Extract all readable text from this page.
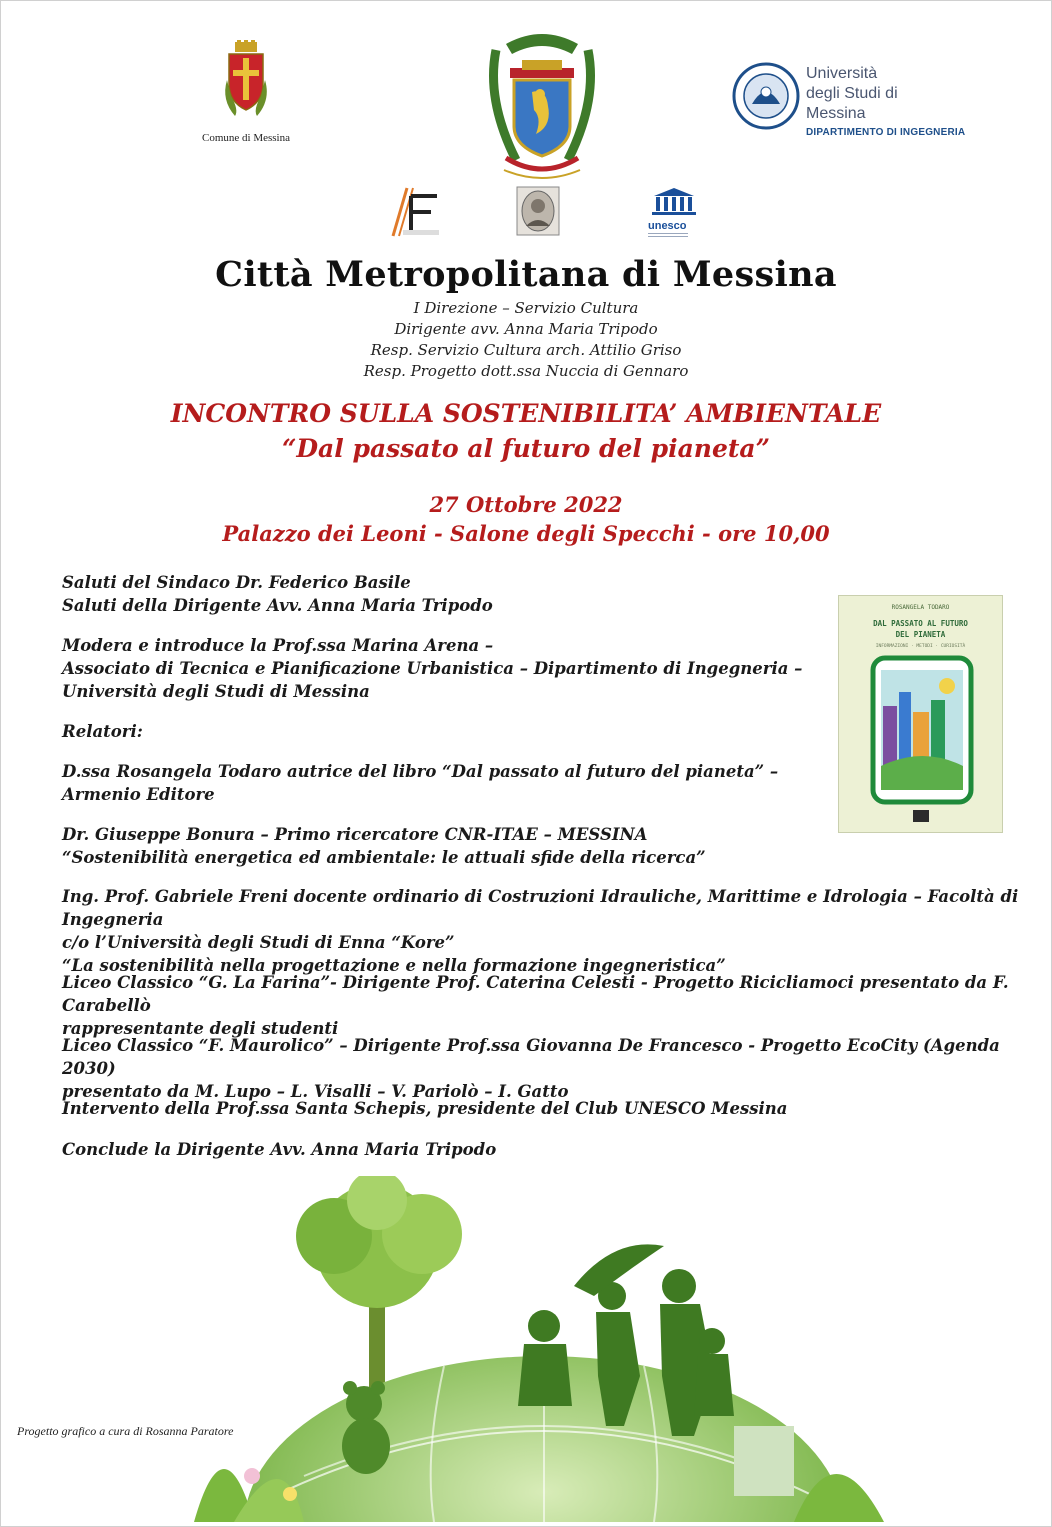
Comune di Messina
Università
degli Studi di
Messina
DIPARTIMENTO DI INGEGNERIA
unesco
Città Metropolitana di Messina
I Direzione – Servizio Cultura
Dirigente avv. Anna Maria Tripodo
Resp. Servizio Cultura arch. Attilio Griso
Resp. Progetto dott.ssa Nuccia di Gennaro
INCONTRO SULLA SOSTENIBILITA’ AMBIENTALE
“Dal passato al futuro del pianeta”
27 Ottobre 2022
Palazzo dei Leoni - Salone degli Specchi - ore 10,00

Saluti del Sindaco Dr. Federico Basile

Saluti della Dirigente Avv. Anna Maria Tripodo

Modera e introduce la Prof.ssa Marina Arena –

Associato di Tecnica e Pianificazione Urbanistica – Dipartimento di Ingegneria –

Università degli Studi di Messina

Relatori:

D.ssa Rosangela Todaro autrice del libro “Dal passato al futuro del pianeta” –

Armenio Editore

Dr. Giuseppe Bonura – Primo ricercatore CNR-ITAE – MESSINA

“Sostenibilità energetica ed ambientale: le attuali sfide della ricerca”

Ing. Prof. Gabriele Freni docente ordinario di Costruzioni Idrauliche, Marittime e Idrologia – Facoltà di Ingegneria

c/o l’Università degli Studi di Enna “Kore”

“La sostenibilità nella progettazione e nella formazione ingegneristica”

Liceo Classico “G. La Farina”- Dirigente Prof. Caterina Celesti - Progetto Ricicliamoci presentato da F. Carabellò

rappresentante degli studenti

Liceo Classico “F. Maurolico” – Dirigente Prof.ssa Giovanna De Francesco - Progetto EcoCity (Agenda 2030)

presentato da M. Lupo – L. Visalli – V. Pariolò – I. Gatto

Intervento della Prof.ssa Santa Schepis, presidente del Club UNESCO Messina

Conclude la Dirigente Avv. Anna Maria Tripodo

ROSANGELA TODARO
DAL PASSATO AL FUTURO
DEL PIANETA
INFORMAZIONI · METODI · CURIOSITÀ
Progetto grafico a cura di Rosanna Paratore
